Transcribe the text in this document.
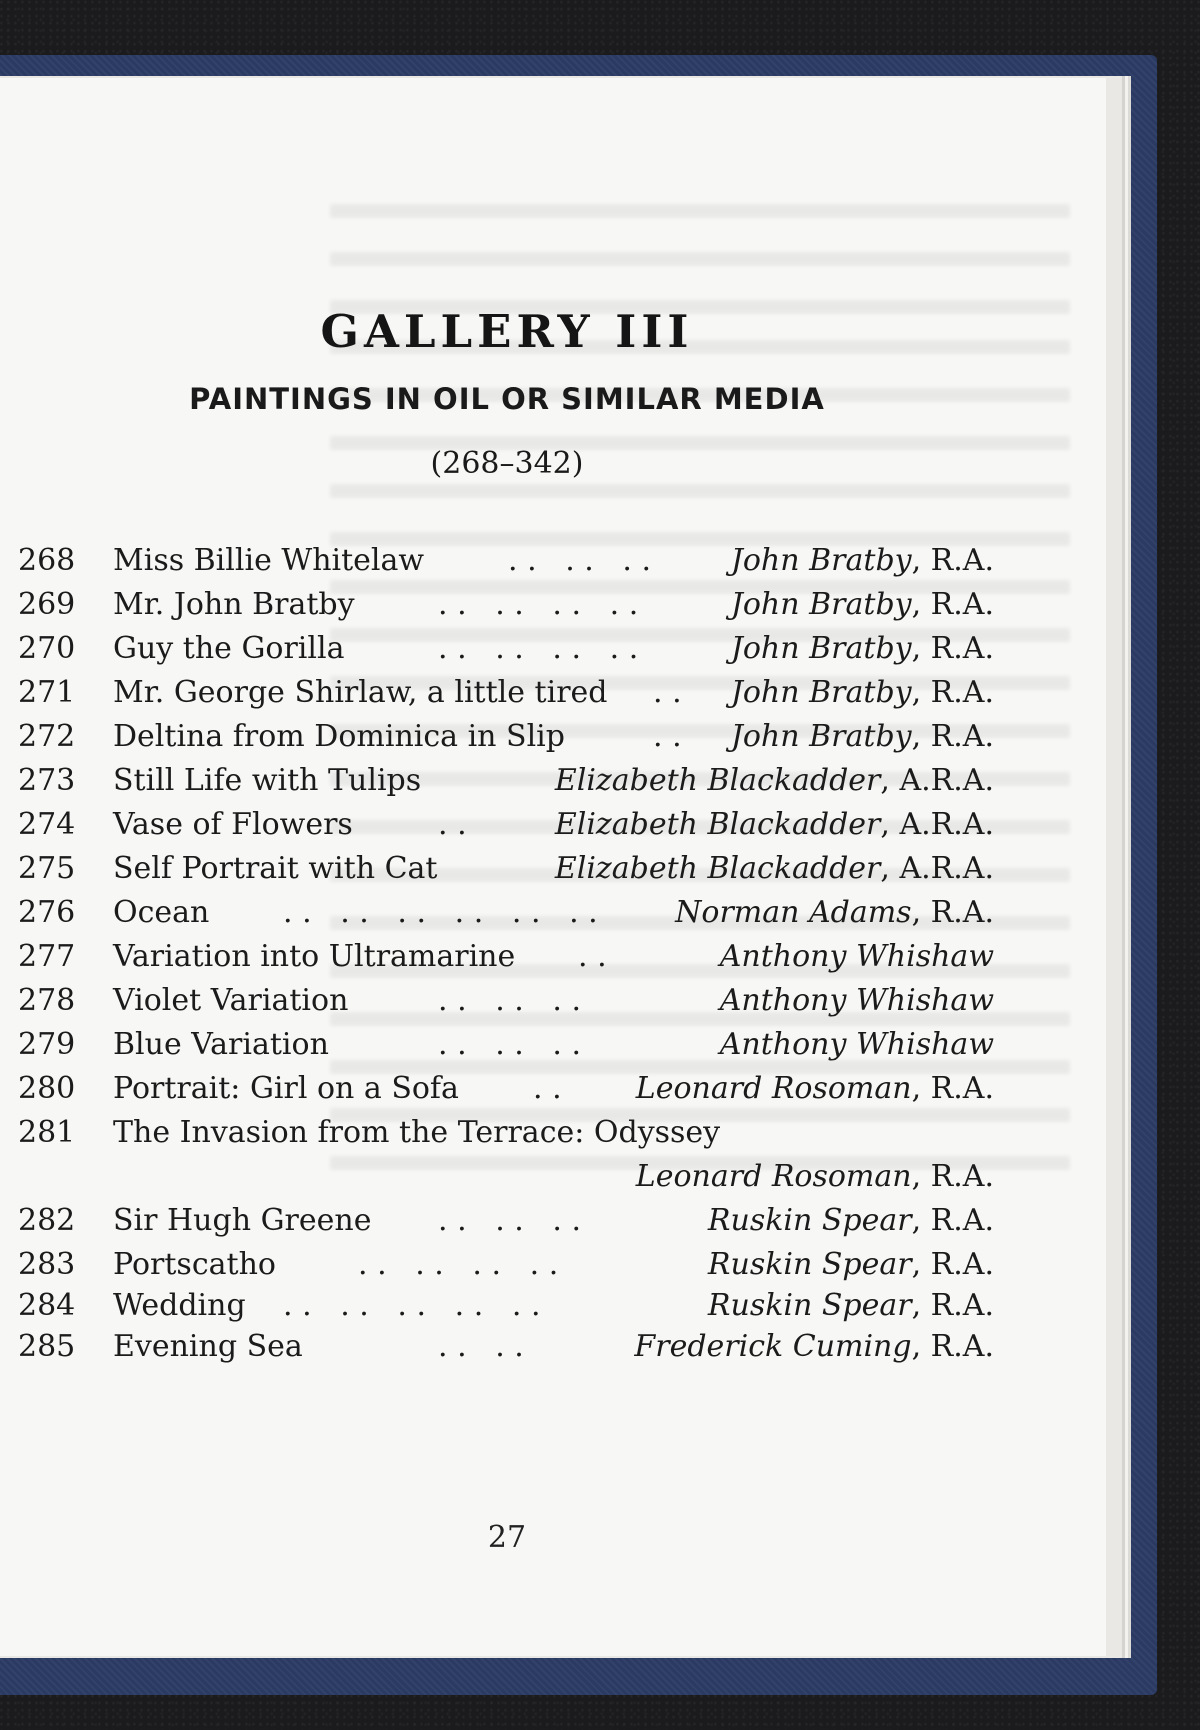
GALLERY III
PAINTINGS IN OIL OR SIMILAR MEDIA
(268–342)
268 Miss Billie Whitelaw	. .   . .   . .	John Bratby, R.A.
269 Mr. John Bratby	. .   . .   . .   . .	John Bratby, R.A.
270 Guy the Gorilla	. .   . .   . .   . .	John Bratby, R.A.
271 Mr. George Shirlaw, a little tired . . John Bratby, R.A.
272 Deltina from Dominica in Slip	. . John Bratby, R.A.
273 Still Life with Tulips	Elizabeth Blackadder, A.R.A.
274 Vase of Flowers	. .	Elizabeth Blackadder, A.R.A.
275 Self Portrait with Cat	Elizabeth Blackadder, A.R.A.
276 Ocean . .   . .   . .   . .   . .   . .	Norman Adams, R.A.
277 Variation into Ultramarine . .	Anthony Whishaw
278 Violet Variation	. .   . .   . .	Anthony Whishaw
279 Blue Variation	. .   . .   . .	Anthony Whishaw
280 Portrait: Girl on a Sofa . . Leonard Rosoman, R.A.
281 The Invasion from the Terrace: Odyssey
Leonard Rosoman, R.A.
282 Sir Hugh Greene . .   . .   . .	Ruskin Spear, R.A.
283 Portscatho	. .   . .   . .   . .	Ruskin Spear, R.A.
284 Wedding . .   . .   . .   . .   . .	Ruskin Spear, R.A.
285 Evening Sea	. .   . .	Frederick Cuming, R.A.
27
